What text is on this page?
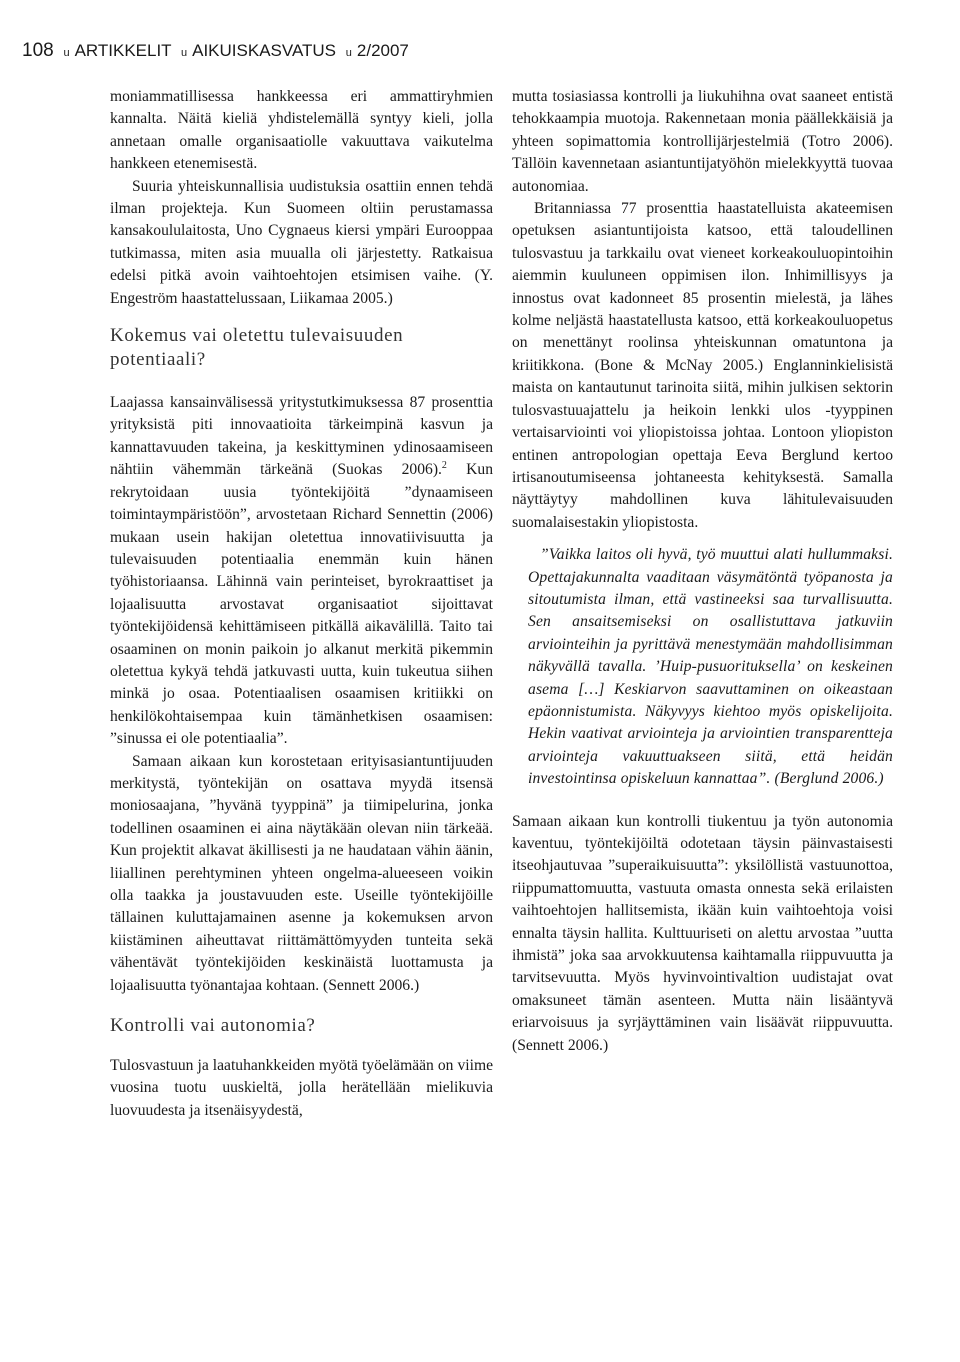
108 u ARTIKKELIT u AIKUISKASVATUS u 2/2007

moniammatillisessa hankkeessa eri ammattiryhmien kannalta. Näitä kieliä yhdistelemällä syntyy kieli, jolla annetaan omalle organisaatiolle vakuuttava vaikutelma hankkeen etenemisestä.

Suuria yhteiskunnallisia uudistuksia osattiin ennen tehdä ilman projekteja. Kun Suomeen oltiin perustamassa kansakoululaitosta, Uno Cygnaeus kiersi ympäri Eurooppaa tutkimassa, miten asia muualla oli järjestetty. Ratkaisua edelsi pitkä avoin vaihtoehtojen etsimisen vaihe. (Y. Engeström haastattelussaan, Liikamaa 2005.)

Kokemus vai oletettu tulevaisuuden potentiaali?

Laajassa kansainvälisessä yritystutkimuksessa 87 prosenttia yrityksistä piti innovaatioita tärkeimpinä kasvun ja kannattavuuden takeina, ja keskittyminen ydinosaamiseen nähtiin vähemmän tärkeänä (Suokas 2006).$^2$ Kun rekrytoidaan uusia työntekijöitä ”dynaamiseen toimintaympäristöön”, arvostetaan Richard Sennettin (2006) mukaan usein hakijan oletettua innovatiivisuutta ja tulevaisuuden potentiaalia enemmän kuin hänen työhistoriaansa. Lähinnä vain perinteiset, byrokraattiset ja lojaalisuutta arvostavat organisaatiot sijoittavat työntekijöidensä kehittämiseen pitkällä aikavälillä. Taito tai osaaminen on monin paikoin jo alkanut merkitä pikemmin oletettua kykyä tehdä jatkuvasti uutta, kuin tukeutua siihen minkä jo osaa. Potentiaalisen osaamisen kritiikki on henkilökohtaisempaa kuin tämänhetkisen osaamisen: ”sinussa ei ole potentiaalia”.

Samaan aikaan kun korostetaan erityisasiantuntijuuden merkitystä, työntekijän on osattava myydä itsensä moniosaajana, ”hyvänä tyyppinä” ja tiimipelurina, jonka todellinen osaaminen ei aina näytäkään olevan niin tärkeää. Kun projektit alkavat äkillisesti ja ne haudataan vähin äänin, liiallinen perehtyminen yhteen ongelma-alueeseen voikin olla taakka ja joustavuuden este. Useille työntekijöille tällainen kuluttajamainen asenne ja kokemuksen arvon kiistäminen aiheuttavat riittämättömyyden tunteita sekä vähentävät työntekijöiden keskinäistä luottamusta ja lojaalisuutta työnantajaa kohtaan. (Sennett 2006.)

Kontrolli vai autonomia?

Tulosvastuun ja laatuhankkeiden myötä työelämään on viime vuosina tuotu uuskieltä, jolla herätellään mielikuvia luovuudesta ja itsenäisyydestä,

mutta tosiasiassa kontrolli ja liukuhihna ovat saaneet entistä tehokkaampia muotoja. Rakennetaan monia päällekkäisiä ja yhteen sopimattomia kontrollijärjestelmiä (Totro 2006). Tällöin kavennetaan asiantuntijatyöhön mielekkyyttä tuovaa autonomiaa.

Britanniassa 77 prosenttia haastatelluista akateemisen opetuksen asiantuntijoista katsoo, että taloudellinen tulosvastuu ja tarkkailu ovat vieneet korkeakouluopintoihin aiemmin kuuluneen oppimisen ilon. Inhimillisyys ja innostus ovat kadonneet 85 prosentin mielestä, ja lähes kolme neljästä haastatellusta katsoo, että korkeakouluopetus on menettänyt roolinsa yhteiskunnan omatuntona ja kriitikkona. (Bone & McNay 2005.) Englanninkielisistä maista on kantautunut tarinoita siitä, mihin julkisen sektorin tulosvastuuajattelu ja heikoin lenkki ulos -tyyppinen vertaisarviointi voi yliopistoissa johtaa. Lontoon yliopiston entinen antropologian opettaja Eeva Berglund kertoo irtisanoutumiseensa johtaneesta kehityksestä. Samalla näyttäytyy mahdollinen kuva lähitulevaisuuden suomalaisestakin yliopistosta.

”Vaikka laitos oli hyvä, työ muuttui alati hullummaksi. Opettajakunnalta vaaditaan väsymätöntä työpanosta ja sitoutumista ilman, että vastineeksi saa turvallisuutta. Sen ansaitsemiseksi on osallistuttava jatkuviin arviointeihin ja pyrittävä menestymään mahdollisimman näkyvällä tavalla. ’Huip-pusuorituksella’ on keskeinen asema […] Keskiarvon saavuttaminen on oikeastaan epäonnistumista. Näkyvyys kiehtoo myös opiskelijoita. Hekin vaativat arviointeja ja arviointien transparentteja arviointeja vakuuttuakseen siitä, että heidän investointinsa opiskeluun kannattaa”. (Berglund 2006.)

Samaan aikaan kun kontrolli tiukentuu ja työn autonomia kaventuu, työntekijöiltä odotetaan täysin päinvastaisesti itseohjautuvaa ”superaikuisuutta”: yksilöllistä vastuunottoa, riippumattomuutta, vastuuta omasta onnesta sekä erilaisten vaihtoehtojen hallitsemista, ikään kuin vaihtoehtoja voisi ennalta täysin hallita. Kulttuuriseti on alettu arvostaa ”uutta ihmistä” joka saa arvokkuutensa kaihtamalla riippuvuutta ja tarvitsevuutta. Myös hyvinvointivaltion uudistajat ovat omaksuneet tämän asenteen. Mutta näin lisääntyvä eriarvoisuus ja syrjäyttäminen vain lisäävät riippuvuutta. (Sennett 2006.)
